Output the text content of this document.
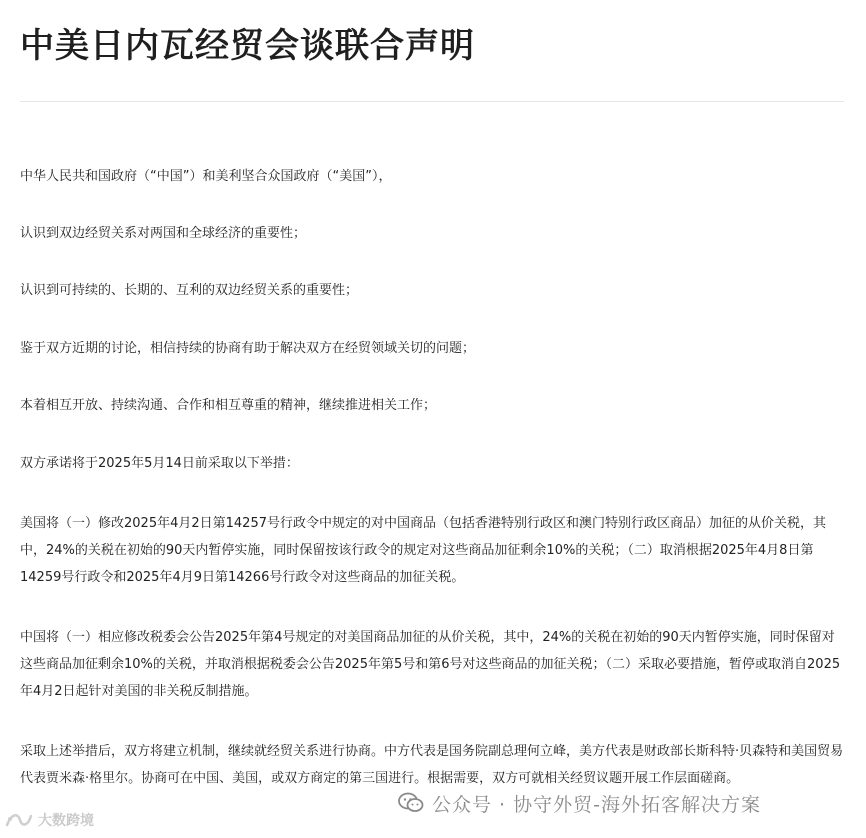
中美日内瓦经贸会谈联合声明

中华人民共和国政府（“中国”）和美利坚合众国政府（“美国”），

认识到双边经贸关系对两国和全球经济的重要性；

认识到可持续的、长期的、互利的双边经贸关系的重要性；

鉴于双方近期的讨论，相信持续的协商有助于解决双方在经贸领域关切的问题；

本着相互开放、持续沟通、合作和相互尊重的精神，继续推进相关工作；

双方承诺将于2025年5月14日前采取以下举措：

美国将（一）修改2025年4月2日第14257号行政令中规定的对中国商品（包括香港特别行政区和澳门特别行政区商品）加征的从价关税，其中，24%的关税在初始的90天内暂停实施，同时保留按该行政令的规定对这些商品加征剩余10%的关税；（二）取消根据2025年4月8日第14259号行政令和2025年4月9日第14266号行政令对这些商品的加征关税。

中国将（一）相应修改税委会公告2025年第4号规定的对美国商品加征的从价关税，其中，24%的关税在初始的90天内暂停实施，同时保留对这些商品加征剩余10%的关税，并取消根据税委会公告2025年第5号和第6号对这些商品的加征关税；（二）采取必要措施，暂停或取消自2025年4月2日起针对美国的非关税反制措施。

采取上述举措后，双方将建立机制，继续就经贸关系进行协商。中方代表是国务院副总理何立峰，美方代表是财政部长斯科特·贝森特和美国贸易代表贾米森·格里尔。协商可在中国、美国，或双方商定的第三国进行。根据需要，双方可就相关经贸议题开展工作层面磋商。

公众号 · 协守外贸-海外拓客解决方案
大数跨境
